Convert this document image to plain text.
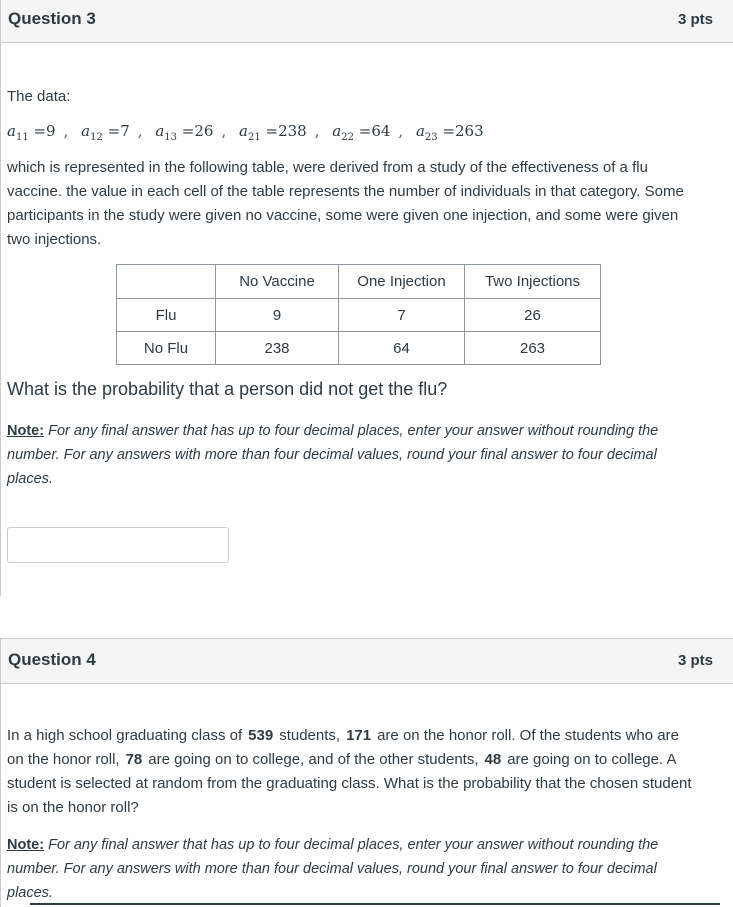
Question 3	3 pts
The data:
$a_{11} =9$ , $a_{12} =7$ , $a_{13} =26$ , $a_{21} =238$ , $a_{22} =64$ , $a_{23} =263$
which is represented in the following table, were derived from a study of the effectiveness of a flu vaccine. the value in each cell of the table represents the number of individuals in that category. Some participants in the study were given no vaccine, some were given one injection, and some were given two injections.
	No Vaccine	One Injection	Two Injections
Flu	9	7	26
No Flu	238	64	263
What is the probability that a person did not get the flu?
Note: For any final answer that has up to four decimal places, enter your answer without rounding the number. For any answers with more than four decimal values, round your final answer to four decimal places.
Question 4	3 pts
In a high school graduating class of 539 students, 171 are on the honor roll. Of the students who are on the honor roll, 78 are going on to college, and of the other students, 48 are going on to college. A student is selected at random from the graduating class. What is the probability that the chosen student is on the honor roll?
Note: For any final answer that has up to four decimal places, enter your answer without rounding the number. For any answers with more than four decimal values, round your final answer to four decimal places.
